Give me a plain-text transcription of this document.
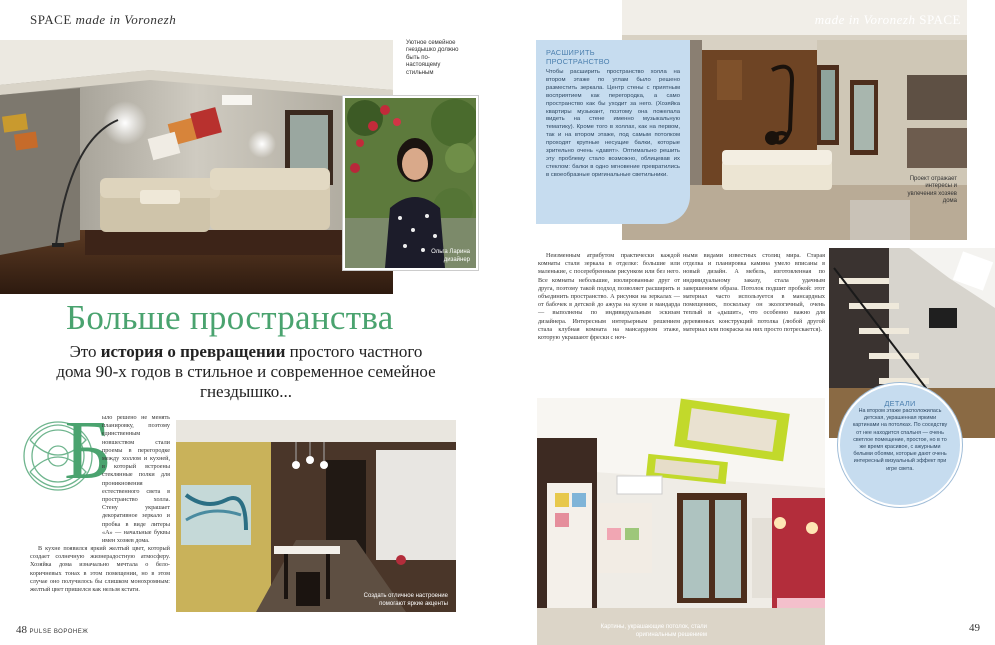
SPACE made in Voronezh
Уютное семейное гнездышко должно быть по-настоящему стильным
Ольга Ларина
дизайнер
Больше пространства
Это история о превращении простого частного дома 90-х годов в стильное и современное семейное гнездышко...
Б
ыло решено не менять планировку, поэтому единственным новшеством стали проемы в перегородке между холлом и кухней, в который встроены стеклянные полки для проникновения естественного света в пространство холла. Стену украшает декоративное зеркало и пробка в виде литеры «А» — начальные буквы имен хозяев дома.
В кухне появился яркий желтый цвет, который создает солнечную жизнерадостную атмосферу. Хозяйка дома изначально мечтала о бело-коричневых тонах в этом помещении, но в этом случае оно получилось бы слишком монохромным: желтый цвет пришелся как нельзя кстати.
Создать отличное настроение помогают яркие акценты
48 PULSE ВОРОНЕЖ
made in Voronezh SPACE
Проект отражает интересы и увлечения хозяев дома
РАСШИРИТЬ ПРОСТРАНСТВО
Чтобы расширить пространство холла на втором этаже по углам было решено разместить зеркала. Центр стены с приятным восприятием как перегородка, а само пространство как бы уходит за него. (Хозяйка квартиры музыкант, поэтому она пожелала видеть на стене именно музыкальную тематику). Кроме того в холлах, как на первом, так и на втором этаже, под самым потолком проходят крупные несущие балки, которые зрительно очень «давят». Оптимально решить эту проблему стало возможно, облицевав их стеклом: балки в одно мгновение превратились в своеобразные оригинальные светильники.
Неизменным атрибутом практически каждой комнаты стали зеркала в отделке: большие или маленькие, с посеребренным рисунком или без него. Все комнаты небольшие, изолированные друг от друга, поэтому такой подход позволяет расширить и объединить пространство. А рисунки на зеркалах — от бабочек в детской до ажура на кухне и мандарда — выполнены по индивидуальным эскизам дизайнера. Интересным интерьерным решением стала клубная комната на мансардном этаже, которую украшают фрески с ноч-
ными видами известных столиц мира. Старая отделка и планировка камина умело вписаны в новый дизайн. А мебель, изготовленная по индивидуальному заказу, стала удачным завершением образа. Потолок подшит пробкой: этот материал часто используется в мансардных помещениях, поскольку он экологичный, очень теплый и «дышит», что особенно важно для деревянных конструкций потолка (любой другой материал или покраска на них просто потрескается).
Картины, украшающие потолок, стали оригинальным решением
ДЕТАЛИ
На втором этаже расположилась детская, украшенная яркими картинами на потолках. По соседству от нее находится спальня — очень светлое помещение, простое, но в то же время красивое, с ажурными белыми обоями, которые дают очень интересный визуальный эффект при игре света.
49
